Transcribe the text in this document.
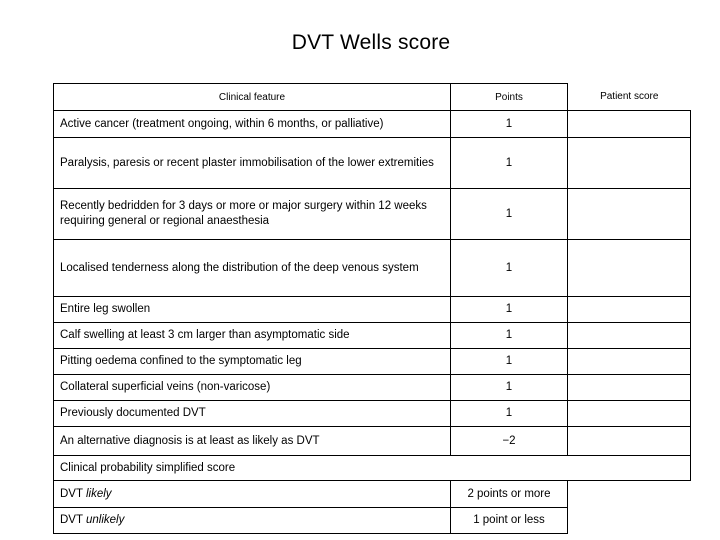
DVT Wells score
Clinical feature	Points	Patient score
Active cancer (treatment ongoing, within 6 months, or palliative)	1	
Paralysis, paresis or recent plaster immobilisation of the lower extremities	1	
Recently bedridden for 3 days or more or major surgery within 12 weeks requiring general or regional anaesthesia	1	
Localised tenderness along the distribution of the deep venous system	1	
Entire leg swollen	1	
Calf swelling at least 3 cm larger than asymptomatic side	1	
Pitting oedema confined to the symptomatic leg	1	
Collateral superficial veins (non-varicose)	1	
Previously documented DVT	1	
An alternative diagnosis is at least as likely as DVT	−2	
Clinical probability simplified score		
DVT likely	2 points or more	
DVT unlikely	1 point or less	
